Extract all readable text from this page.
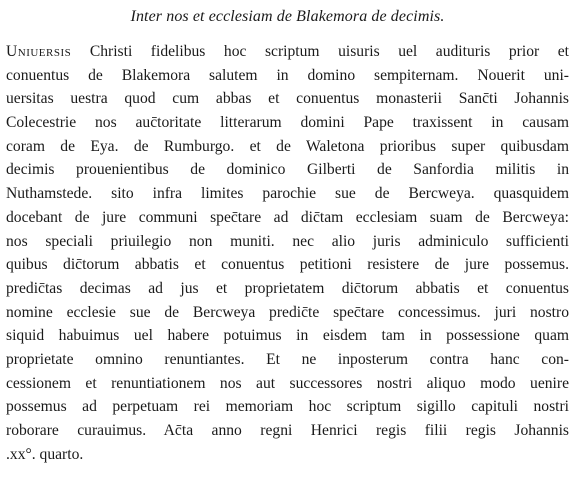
Inter nos et ecclesiam de Blakemora de decimis.
Uniuersis Christi fidelibus hoc scriptum uisuris uel audituris prior et
conuentus de Blakemora salutem in domino sempiternam. Nouerit uni-
uersitas uestra quod cum abbas et conuentus monasterii Sanc̄ti Johannis
Colecestrie nos auc̄toritate litterarum domini Pape traxissent in causam
coram de Eya. de Rumburgo. et de Waletona prioribus super quibusdam
decimis prouenientibus de dominico Gilberti de Sanfordia militis in
Nuthamstede. sito infra limites parochie sue de Bercweya. quasquidem
docebant de jure communi spec̄tare ad dic̄tam ecclesiam suam de Bercweya:
nos speciali priuilegio non muniti. nec alio juris adminiculo sufficienti
quibus dic̄torum abbatis et conuentus petitioni resistere de jure possemus.
predic̄tas decimas ad jus et proprietatem dic̄torum abbatis et conuentus
nomine ecclesie sue de Bercweya predic̄te spec̄tare concessimus. juri nostro
siquid habuimus uel habere potuimus in eisdem tam in possessione quam
proprietate omnino renuntiantes. Et ne inposterum contra hanc con-
cessionem et renuntiationem nos aut successores nostri aliquo modo uenire
possemus ad perpetuam rei memoriam hoc scriptum sigillo capituli nostri
roborare curauimus. Ac̄ta anno regni Henrici regis filii regis Johannis
.xx°. quarto.
